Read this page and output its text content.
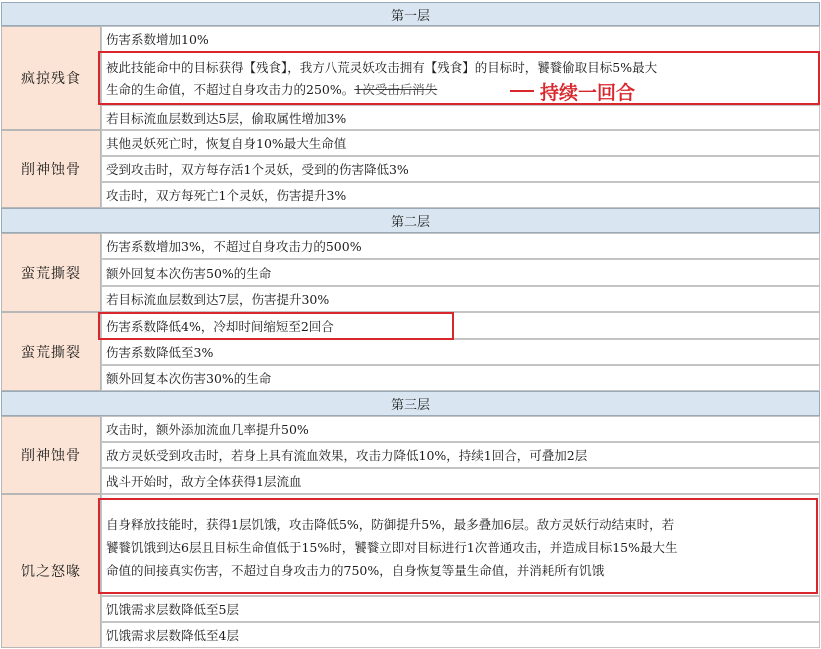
第一层
疯掠残食
伤害系数增加10%
被此技能命中的目标获得【残食】，我方八荒灵妖攻击拥有【残食】的目标时，饕餮偷取目标5%最大
生命的生命值，不超过自身攻击力的250%。1次受击后消失
若目标流血层数到达5层，偷取属性增加3%
削神蚀骨
其他灵妖死亡时，恢复自身10%最大生命值
受到攻击时，双方每存活1个灵妖，受到的伤害降低3%
攻击时，双方每死亡1个灵妖，伤害提升3%
第二层
蛮荒撕裂
伤害系数增加3%，不超过自身攻击力的500%
额外回复本次伤害50%的生命
若目标流血层数到达7层，伤害提升30%
蛮荒撕裂
伤害系数降低4%，冷却时间缩短至2回合
伤害系数降低至3%
额外回复本次伤害30%的生命
第三层
削神蚀骨
攻击时，额外添加流血几率提升50%
敌方灵妖受到攻击时，若身上具有流血效果，攻击力降低10%，持续1回合，可叠加2层
战斗开始时，敌方全体获得1层流血
饥之怒喙
自身释放技能时，获得1层饥饿，攻击降低5%，防御提升5%，最多叠加6层。敌方灵妖行动结束时，若
饕餮饥饿到达6层且目标生命值低于15%时，饕餮立即对目标进行1次普通攻击，并造成目标15%最大生
命值的间接真实伤害，不超过自身攻击力的750%，自身恢复等量生命值，并消耗所有饥饿
饥饿需求层数降低至5层
饥饿需求层数降低至4层
持续一回合
